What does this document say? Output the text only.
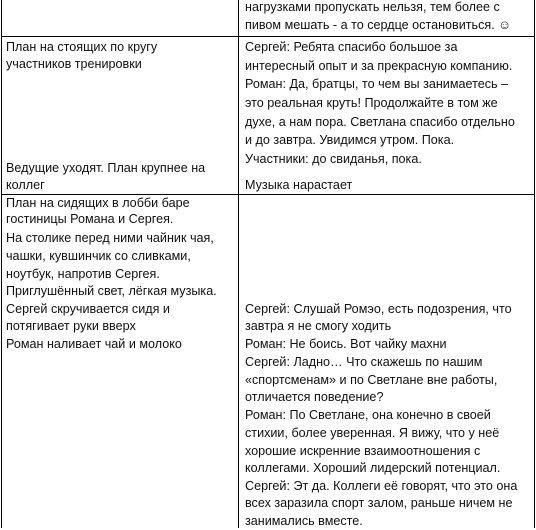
нагрузками пропускать нельзя, тем более с
пивом мешать - а то сердце остановиться. ☺
План на стоящих по кругу
участников тренировки
Ведущие уходят. План крупнее на
коллег
Сергей: Ребята спасибо большое за
интересный опыт и за прекрасную компанию.
Роман: Да, братцы, то чем вы занимаетесь –
это реальная круть! Продолжайте в том же
духе, а нам пора. Светлана спасибо отдельно
и до завтра. Увидимся утром. Пока.
Участники: до свиданья, пока.
Музыка нарастает
План на сидящих в лобби баре
гостиницы Романа и Сергея.
На столике перед ними чайник чая,
чашки, кувшинчик со сливками,
ноутбук, напротив Сергея.
Приглушённый свет, лёгкая музыка.
Сергей скручивается сидя и
потягивает руки вверх
Роман наливает чай и молоко
Сергей: Слушай Ромэо, есть подозрения, что
завтра я не смогу ходить
Роман: Не боись. Вот чайку махни
Сергей: Ладно… Что скажешь по нашим
«спортсменам» и по Светлане вне работы,
отличается поведение?
Роман: По Светлане, она конечно в своей
стихии, более уверенная. Я вижу, что у неё
хорошие искренние взаимоотношения с
коллегами. Хороший лидерский потенциал.
Сергей: Эт да. Коллеги её говорят, что это она
всех заразила спорт залом, раньше ничем не
занимались вместе.
